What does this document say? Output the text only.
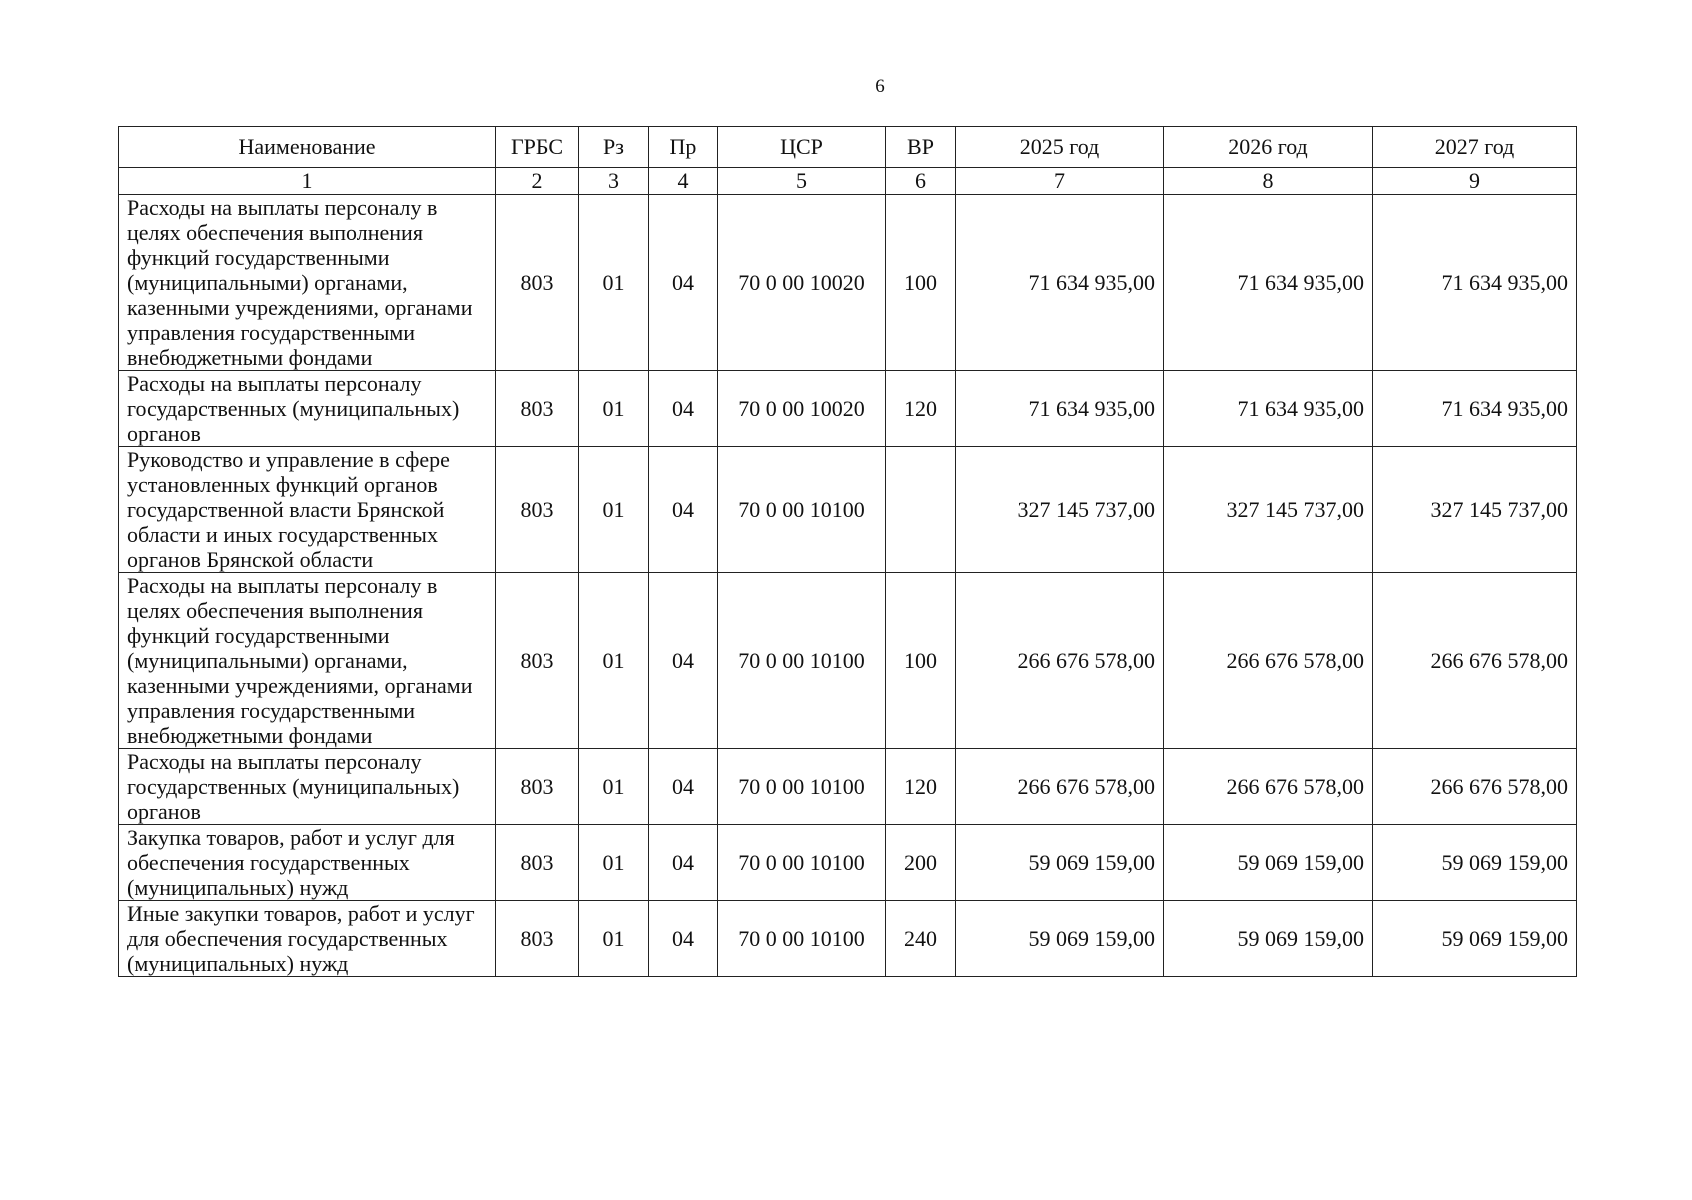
6
Наименование	ГРБС	Рз	Пр	ЦСР	ВР	2025 год	2026 год	2027 год
1	2	3	4	5	6	7	8	9
Расходы на выплаты персоналу в целях обеспечения выполнения функций государственными (муниципальными) органами, казенными учреждениями, органами управления государственными внебюджетными фондами	803	01	04	70 0 00 10020	100	71 634 935,00	71 634 935,00	71 634 935,00
Расходы на выплаты персоналу государственных (муниципальных) органов	803	01	04	70 0 00 10020	120	71 634 935,00	71 634 935,00	71 634 935,00
Руководство и управление в сфере установленных функций органов государственной власти Брянской области и иных государственных органов Брянской области	803	01	04	70 0 00 10100		327 145 737,00	327 145 737,00	327 145 737,00
Расходы на выплаты персоналу в целях обеспечения выполнения функций государственными (муниципальными) органами, казенными учреждениями, органами управления государственными внебюджетными фондами	803	01	04	70 0 00 10100	100	266 676 578,00	266 676 578,00	266 676 578,00
Расходы на выплаты персоналу государственных (муниципальных) органов	803	01	04	70 0 00 10100	120	266 676 578,00	266 676 578,00	266 676 578,00
Закупка товаров, работ и услуг для обеспечения государственных (муниципальных) нужд	803	01	04	70 0 00 10100	200	59 069 159,00	59 069 159,00	59 069 159,00
Иные закупки товаров, работ и услуг для обеспечения государственных (муниципальных) нужд	803	01	04	70 0 00 10100	240	59 069 159,00	59 069 159,00	59 069 159,00
